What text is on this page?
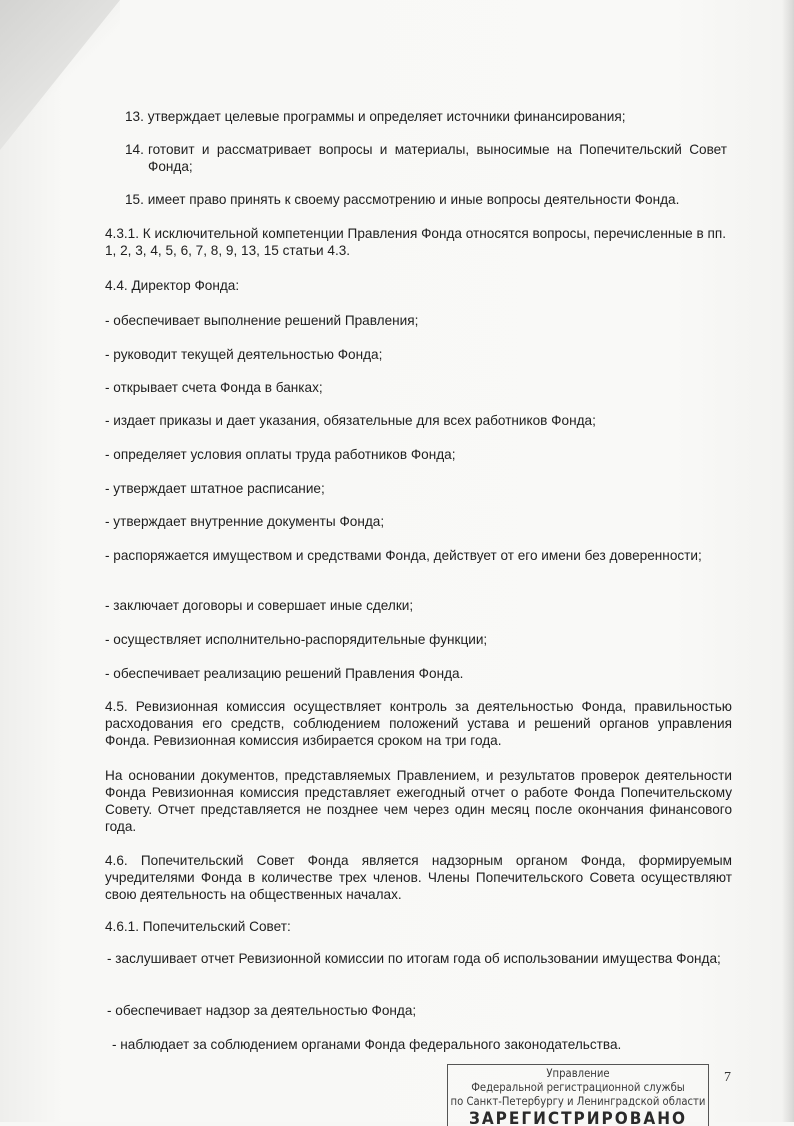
13. утверждает целевые программы и определяет источники финансирования;
14. готовит и рассматривает вопросы и материалы, выносимые на Попечительский Совет Фонда;
15. имеет право принять к своему рассмотрению и иные вопросы деятельности Фонда.
4.3.1. К исключительной компетенции Правления Фонда относятся вопросы, перечисленные в пп. 1, 2, 3, 4, 5, 6, 7, 8, 9, 13, 15 статьи 4.3.
4.4. Директор Фонда:
- обеспечивает выполнение решений Правления;
- руководит текущей деятельностью Фонда;
- открывает счета Фонда в банках;
- издает приказы и дает указания, обязательные для всех работников Фонда;
- определяет условия оплаты труда работников Фонда;
- утверждает штатное расписание;
- утверждает внутренние документы Фонда;
- распоряжается имуществом и средствами Фонда, действует от его имени без доверенности;
- заключает договоры и совершает иные сделки;
- осуществляет исполнительно-распорядительные функции;
- обеспечивает реализацию решений Правления Фонда.
4.5. Ревизионная комиссия осуществляет контроль за деятельностью Фонда, правильностью расходования его средств, соблюдением положений устава и решений органов управления Фонда. Ревизионная комиссия избирается сроком на три года.
На основании документов, представляемых Правлением, и результатов проверок деятельности Фонда Ревизионная комиссия представляет ежегодный отчет о работе Фонда Попечительскому Совету. Отчет представляется не позднее чем через один месяц после окончания финансового года.
4.6. Попечительский Совет Фонда является надзорным органом Фонда, формируемым учредителями Фонда в количестве трех членов. Члены Попечительского Совета осуществляют свою деятельность на общественных началах.
4.6.1. Попечительский Совет:
- заслушивает отчет Ревизионной комиссии по итогам года об использовании имущества Фонда;
- обеспечивает надзор за деятельностью Фонда;
- наблюдает за соблюдением органами Фонда федерального законодательства.
Управление
Федеральной регистрационной службы
по Санкт-Петербургу и Ленинградской области
ЗАРЕГИСТРИРОВАНО
7
